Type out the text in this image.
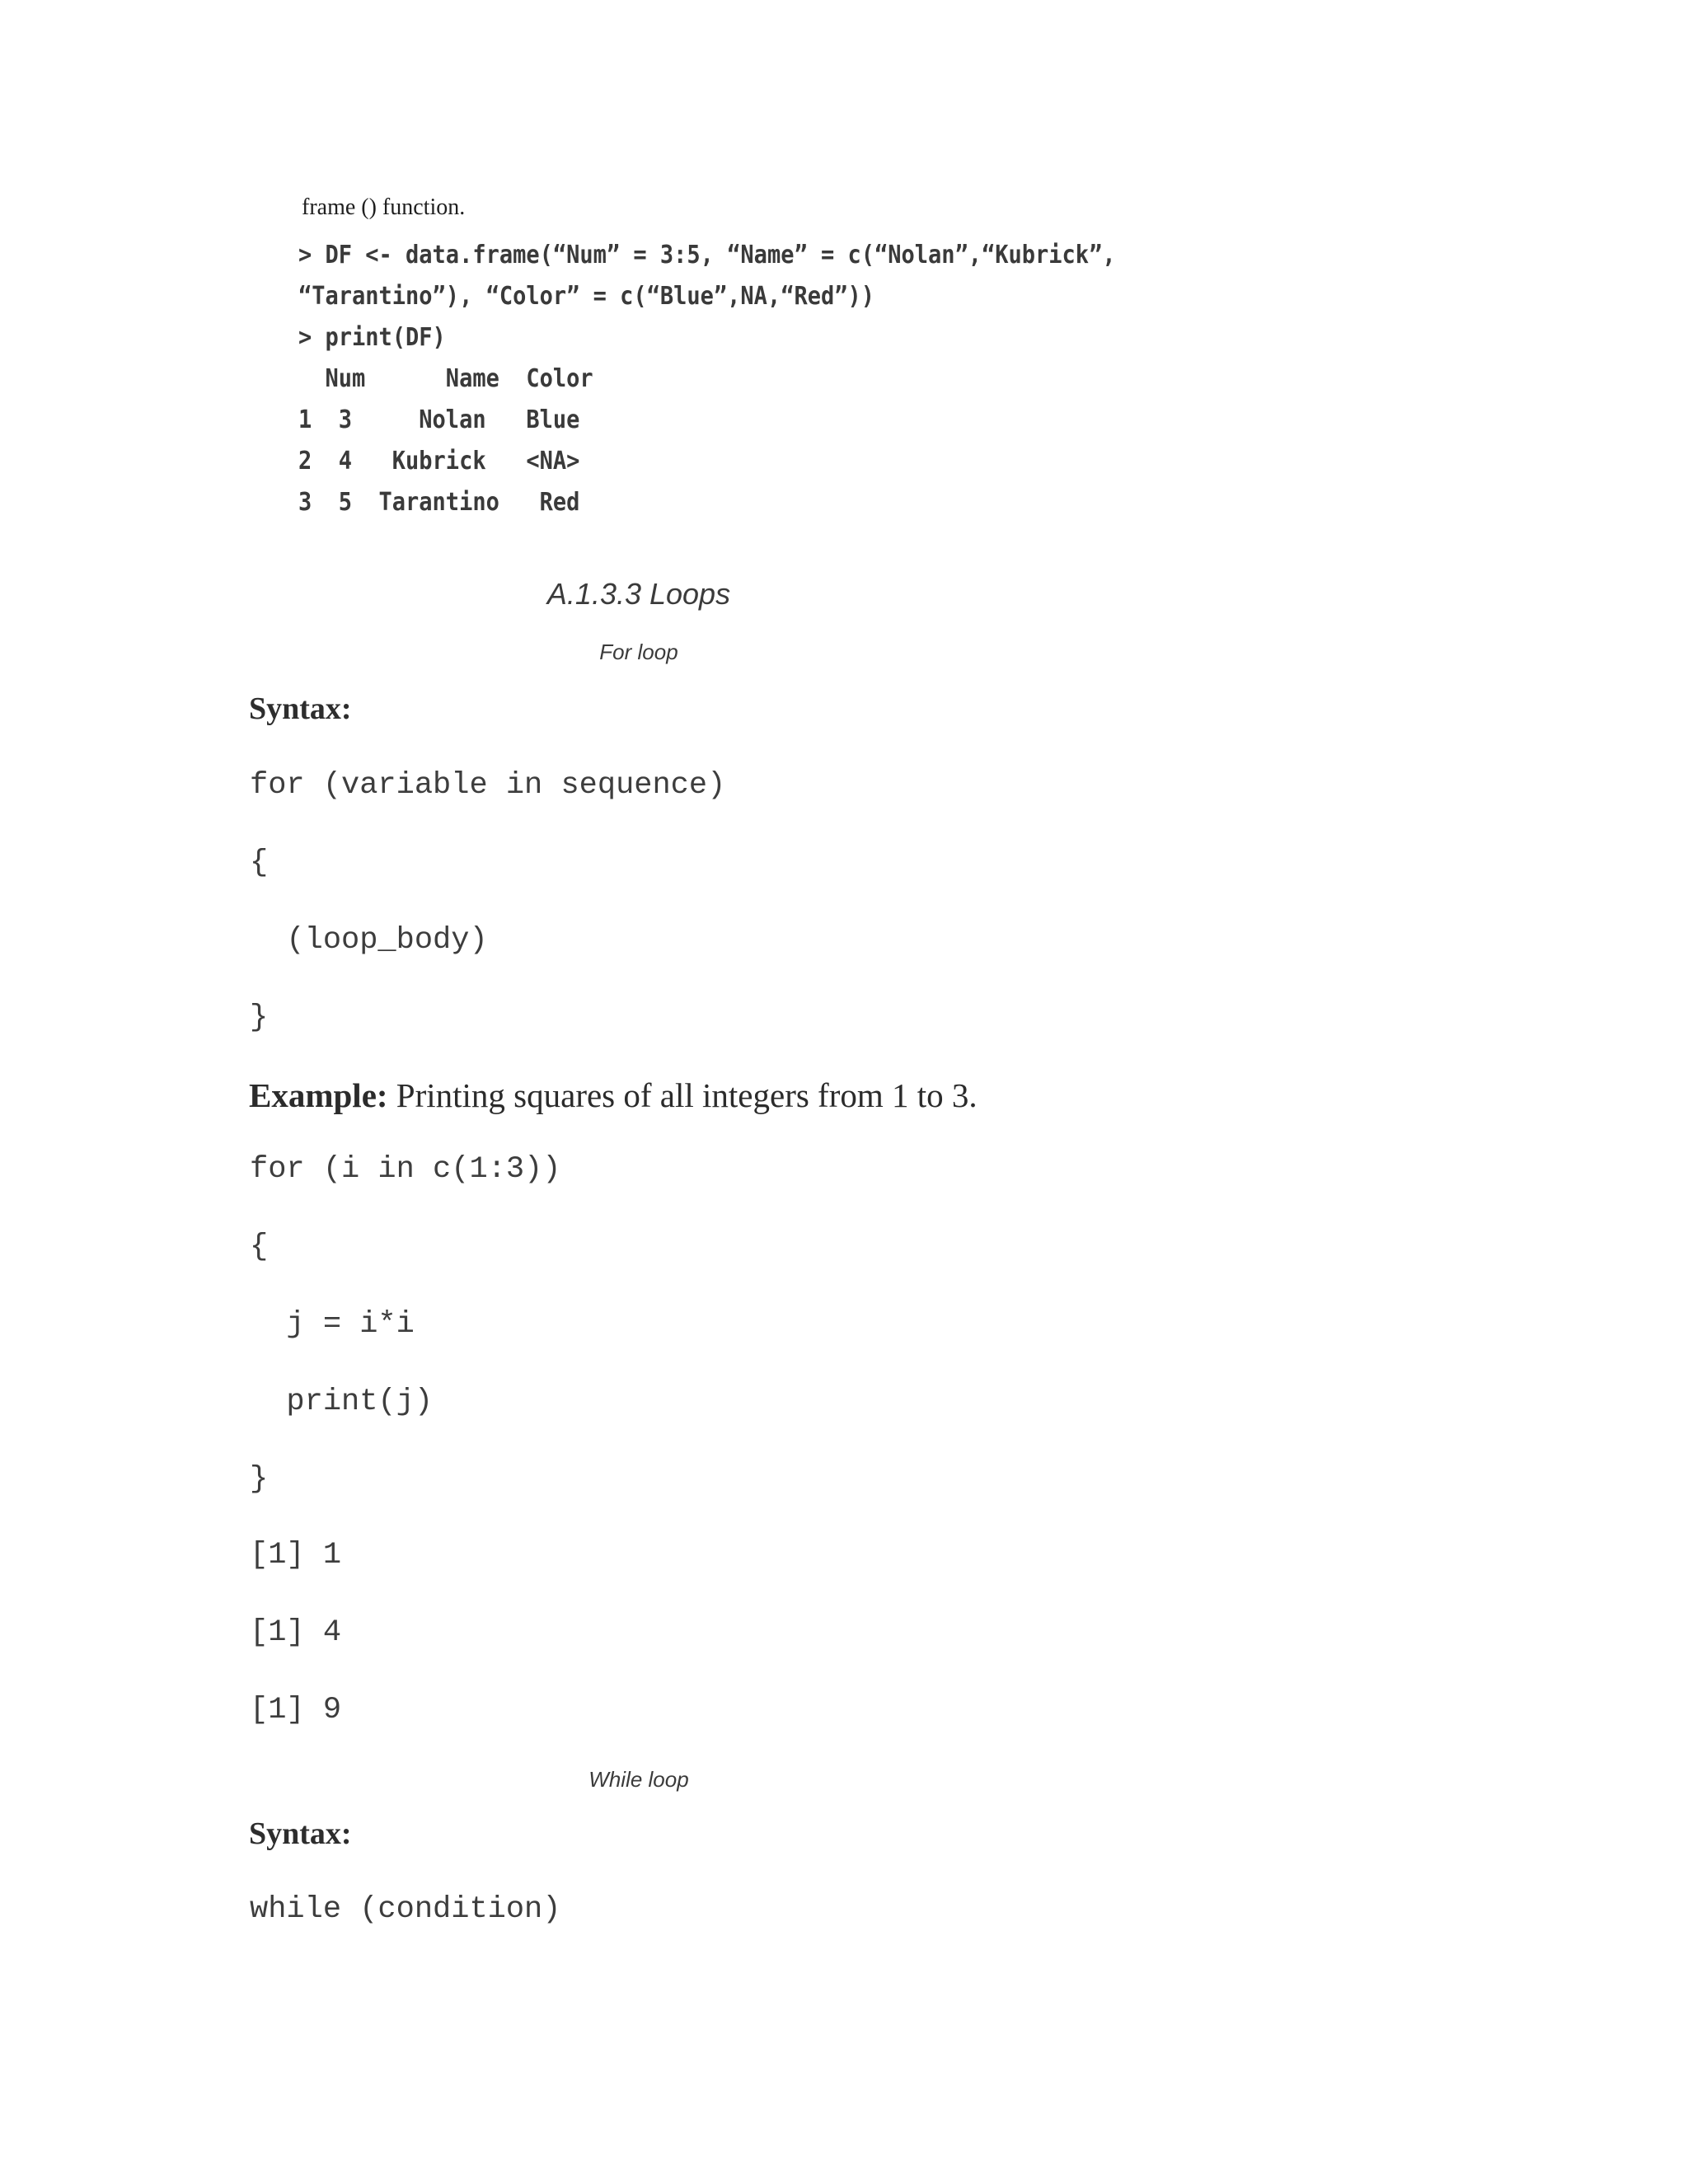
frame () function.
> DF <- data.frame(“Num” = 3:5, “Name” = c(“Nolan”,“Kubrick”,
“Tarantino”), “Color” = c(“Blue”,NA,“Red”))
> print(DF)
Num      Name  Color
1  3     Nolan   Blue
2  4   Kubrick   <NA>
3  5  Tarantino   Red
A.1.3.3 Loops
For loop
Syntax:
for (variable in sequence)
{
(loop_body)
}
Example: Printing squares of all integers from 1 to 3.
for (i in c(1:3))
{
j = i*i
print(j)
}
[1] 1
[1] 4
[1] 9
While loop
Syntax:
while (condition)
